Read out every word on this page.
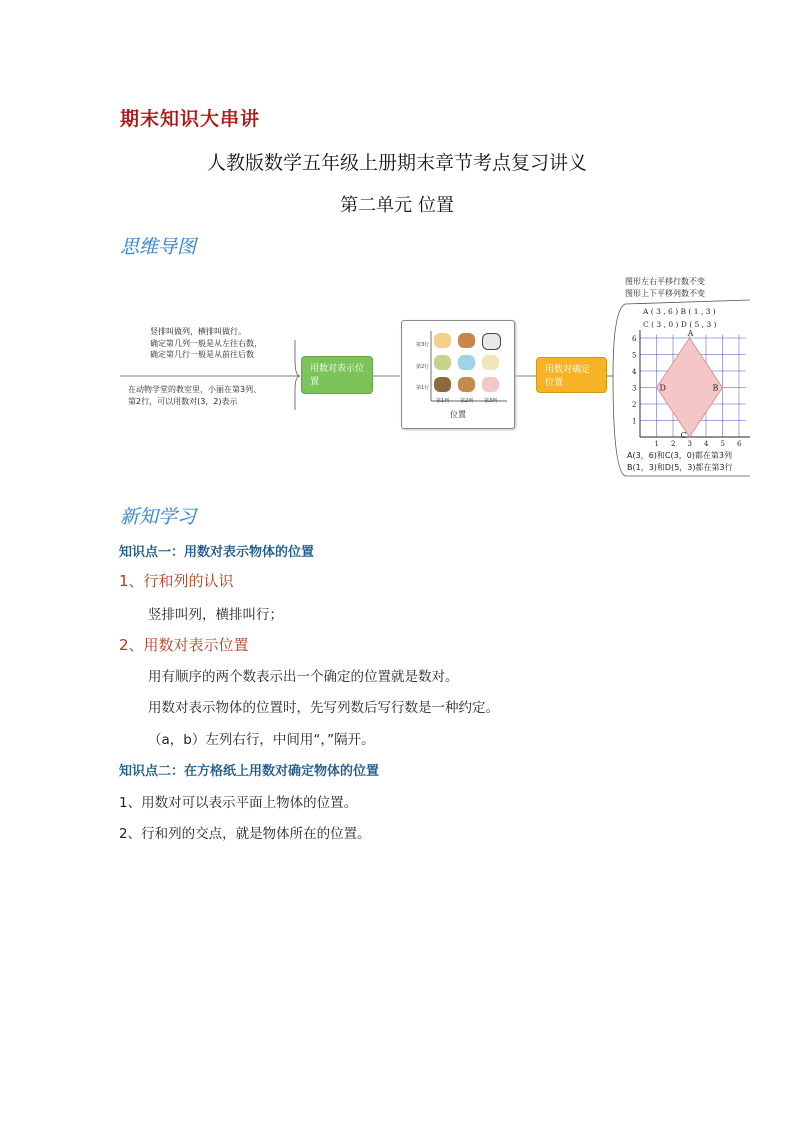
期末知识大串讲
人教版数学五年级上册期末章节考点复习讲义
第二单元 位置
思维导图
竖排叫做列，横排叫做行。
确定第几列一般是从左往右数，
确定第几行一般是从前往后数
在动物学堂的教室里，小丽在第3列、
第2行，可以用数对(3，2)表示
用数对表示位置
第3行
第2行
第1行
第1列 第2列 第3列
位置
用数对确定位置
图形左右平移行数不变
图形上下平移列数不变
A ( 3 , 6 ) B ( 1 , 3 )
C ( 3 , 0 ) D ( 5 , 3 )
1 2 3 4 5 6
1
2
3
4
5
6
A
B
C
D
A(3，6)和C(3，0)都在第3列
B(1，3)和D(5，3)都在第3行
新知学习
知识点一：用数对表示物体的位置
1、行和列的认识
竖排叫列，横排叫行；
2、用数对表示位置
用有顺序的两个数表示出一个确定的位置就是数对。
用数对表示物体的位置时，先写列数后写行数是一种约定。
（a，b）左列右行，中间用“，”隔开。
知识点二：在方格纸上用数对确定物体的位置
1、用数对可以表示平面上物体的位置。
2、行和列的交点，就是物体所在的位置。
